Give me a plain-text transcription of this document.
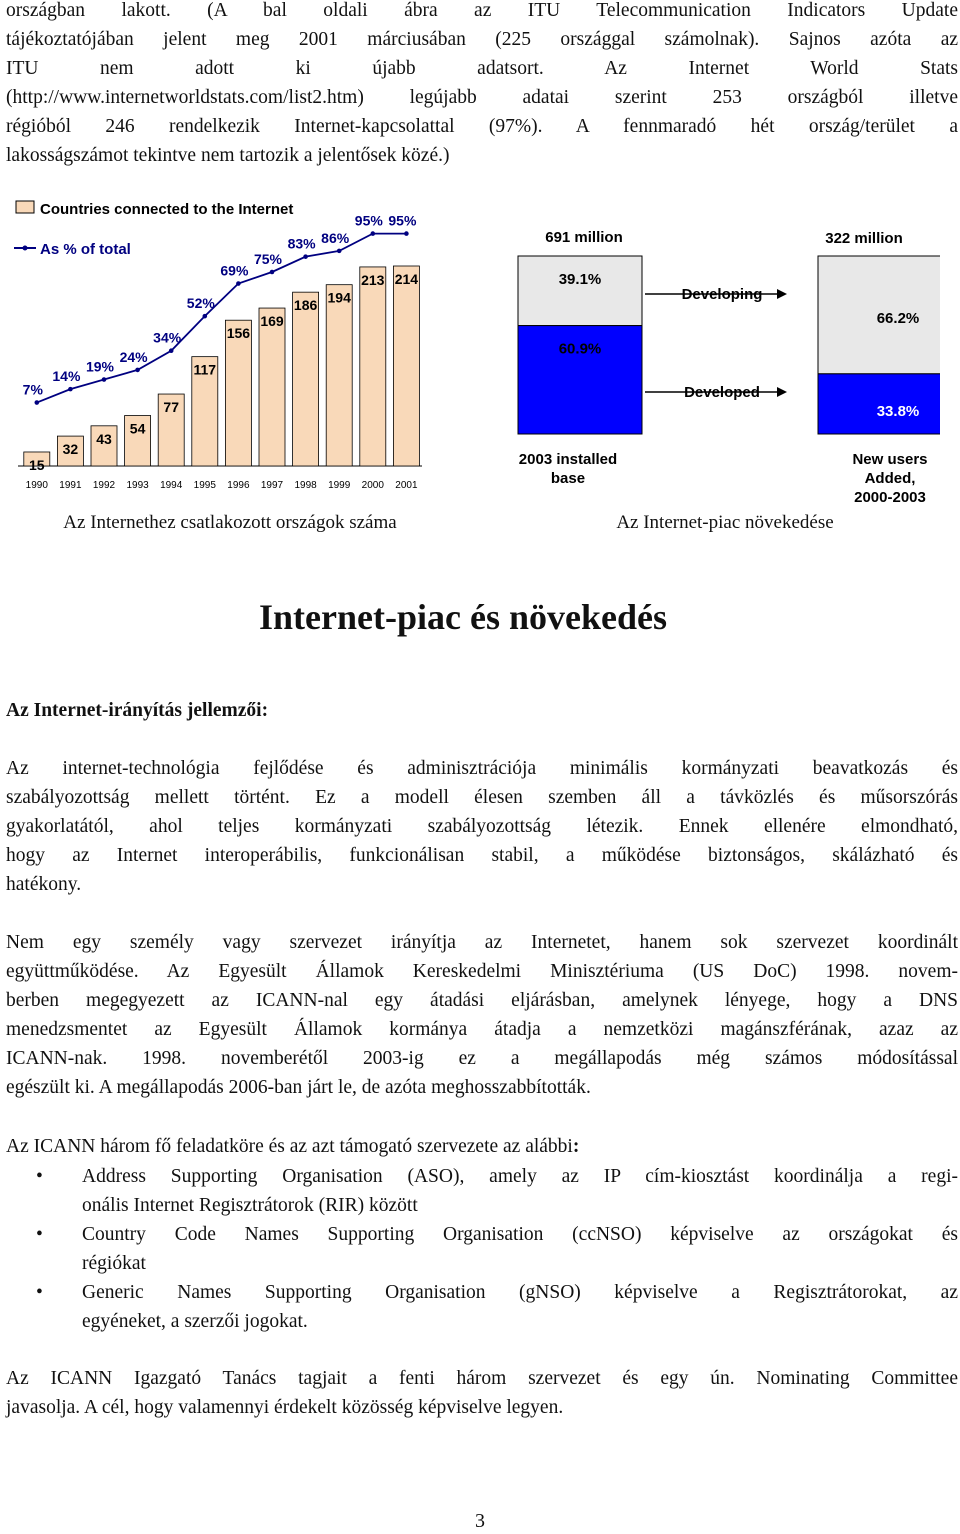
országban lakott. (A bal oldali ábra az ITU Telecommunication Indicators Update
tájékoztatójában jelent meg 2001 márciusában (225 országgal számolnak). Sajnos azóta az
ITU nem adott ki újabb adatsort. Az Internet World Stats
(http://www.internetworldstats.com/list2.htm) legújabb adatai szerint 253 országból illetve
régióból 246 rendelkezik Internet-kapcsolattal (97%). A fennmaradó hét ország/terület a
lakosságszámot tekintve nem tartozik a jelentősek közé.)
Countries connected to the Internet
As % of total
15
32
43
54
77
117
156
169
186 194
213 214
7%
14%
19%
24%
34%
52%
69%
75%
83% 86%
95% 95%
1990 1991 1992 1993 1994 1995 1996 1997 1998 1999 2000 2001
Az Internethez csatlakozott országok száma
691 million	322 million
39.1%
60.9%
66.2%
33.8%
Developing
Developed
2003 installed
base
New users
Added,
2000-2003
Az Internet-piac növekedése
Internet-piac és növekedés
Az Internet-irányítás jellemzői:
Az internet-technológia fejlődése és adminisztrációja minimális kormányzati beavatkozás és
szabályozottság mellett történt. Ez a modell élesen szemben áll a távközlés és műsorszórás
gyakorlatától, ahol teljes kormányzati szabályozottság létezik. Ennek ellenére elmondható,
hogy az Internet interoperábilis, funkcionálisan stabil, a működése biztonságos, skálázható és
hatékony.
Nem egy személy vagy szervezet irányítja az Internetet, hanem sok szervezet koordinált
együttműködése. Az Egyesült Államok Kereskedelmi Minisztériuma (US DoC) 1998. novem-
berben megegyezett az ICANN-nal egy átadási eljárásban, amelynek lényege, hogy a DNS
menedzsmentet az Egyesült Államok kormánya átadja a nemzetközi magánszférának, azaz az
ICANN-nak. 1998. novemberétől 2003-ig ez a megállapodás még számos módosítással
egészült ki. A megállapodás 2006-ban járt le, de azóta meghosszabbították.
Az ICANN három fő feladatköre és az azt támogató szervezete az alábbi:
• Address Supporting Organisation (ASO), amely az IP cím-kiosztást koordinálja a regi-
onális Internet Regisztrátorok (RIR) között
• Country Code Names Supporting Organisation (ccNSO) képviselve az országokat és
régiókat
• Generic Names Supporting Organisation (gNSO) képviselve a Regisztrátorokat, az
egyéneket, a szerzői jogokat.
Az ICANN Igazgató Tanács tagjait a fenti három szervezet és egy ún. Nominating Committee
javasolja. A cél, hogy valamennyi érdekelt közösség képviselve legyen.
3
